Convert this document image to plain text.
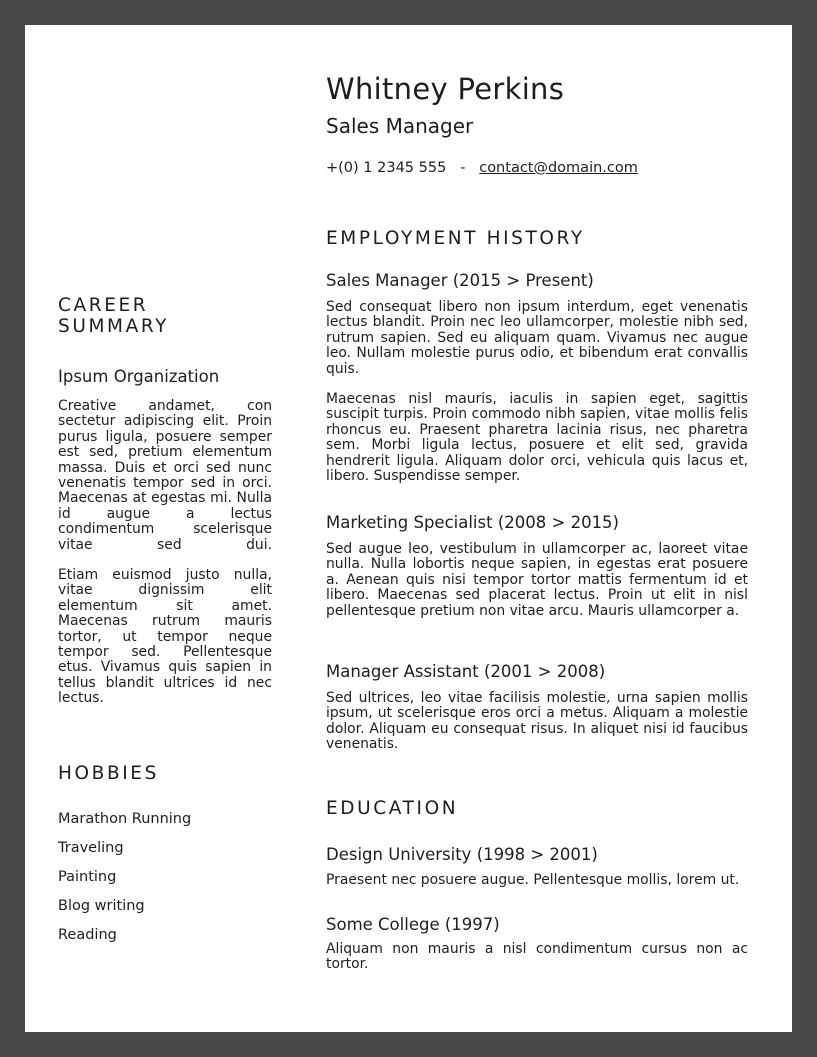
Whitney Perkins
Sales Manager
+(0) 1 2345 555 - contact@domain.com
EMPLOYMENT HISTORY
Sales Manager (2015 > Present)
Sed consequat libero non ipsum interdum, eget venenatis lectus blandit. Proin nec leo ullamcorper, molestie nibh sed, rutrum sapien. Sed eu aliquam quam. Vivamus nec augue leo. Nullam molestie purus odio, et bibendum erat convallis quis.
Maecenas nisl mauris, iaculis in sapien eget, sagittis suscipit turpis. Proin commodo nibh sapien, vitae mollis felis rhoncus eu. Praesent pharetra lacinia risus, nec pharetra sem. Morbi ligula lectus, posuere et elit sed, gravida hendrerit ligula. Aliquam dolor orci, vehicula quis lacus et, libero. Suspendisse semper.
Marketing Specialist (2008 > 2015)
Sed augue leo, vestibulum in ullamcorper ac, laoreet vitae nulla. Nulla lobortis neque sapien, in egestas erat posuere a. Aenean quis nisi tempor tortor mattis fermentum id et libero. Maecenas sed placerat lectus. Proin ut elit in nisl pellentesque pretium non vitae arcu. Mauris ullamcorper a.
Manager Assistant (2001 > 2008)
Sed ultrices, leo vitae facilisis molestie, urna sapien mollis ipsum, ut scelerisque eros orci a metus. Aliquam a molestie dolor. Aliquam eu consequat risus. In aliquet nisi id faucibus venenatis.
EDUCATION
Design University (1998 > 2001)
Praesent nec posuere augue. Pellentesque mollis, lorem ut.
Some College (1997)
Aliquam non mauris a nisl condimentum cursus non ac tortor.
CAREER
SUMMARY
Ipsum Organization
Creative andamet, con sectetur adipiscing elit. Proin purus ligula, posuere semper est sed, pretium elementum massa. Duis et orci sed nunc venenatis tempor sed in orci. Maecenas at egestas mi. Nulla id augue a lectus condimentum scelerisque vitae sed dui.
Etiam euismod justo nulla, vitae dignissim elit elementum sit amet. Maecenas rutrum mauris tortor, ut tempor neque tempor sed. Pellentesque etus. Vivamus quis sapien in tellus blandit ultrices id nec lectus.
HOBBIES
Marathon Running
Traveling
Painting
Blog writing
Reading
